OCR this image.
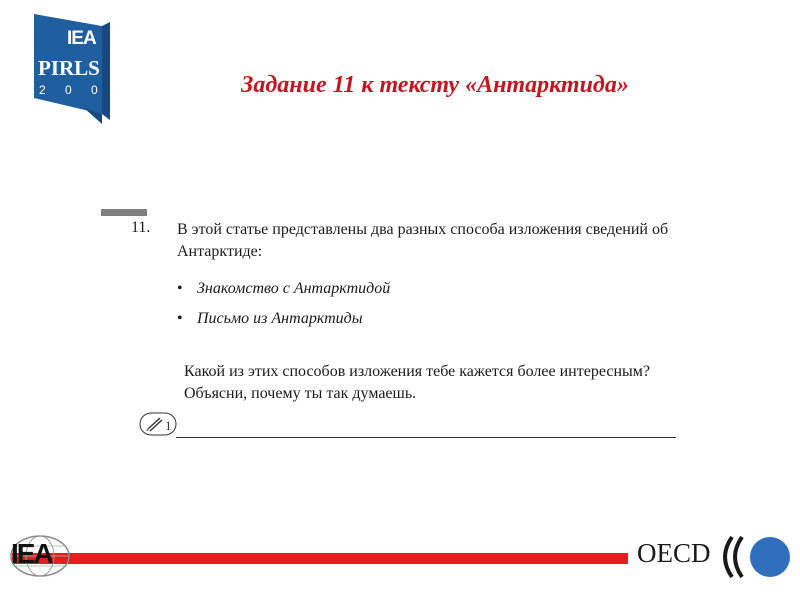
IEA
PIRLS
2 0 0 6	Задание 11 к тексту «Антарктида»
11. В этой статье представлены два разных способа изложения сведений об Антарктиде:
• Знакомство с Антарктидой
• Письмо из Антарктиды
Какой из этих способов изложения тебе кажется более интересным? Объясни, почему ты так думаешь.
1
IEA	OECD
